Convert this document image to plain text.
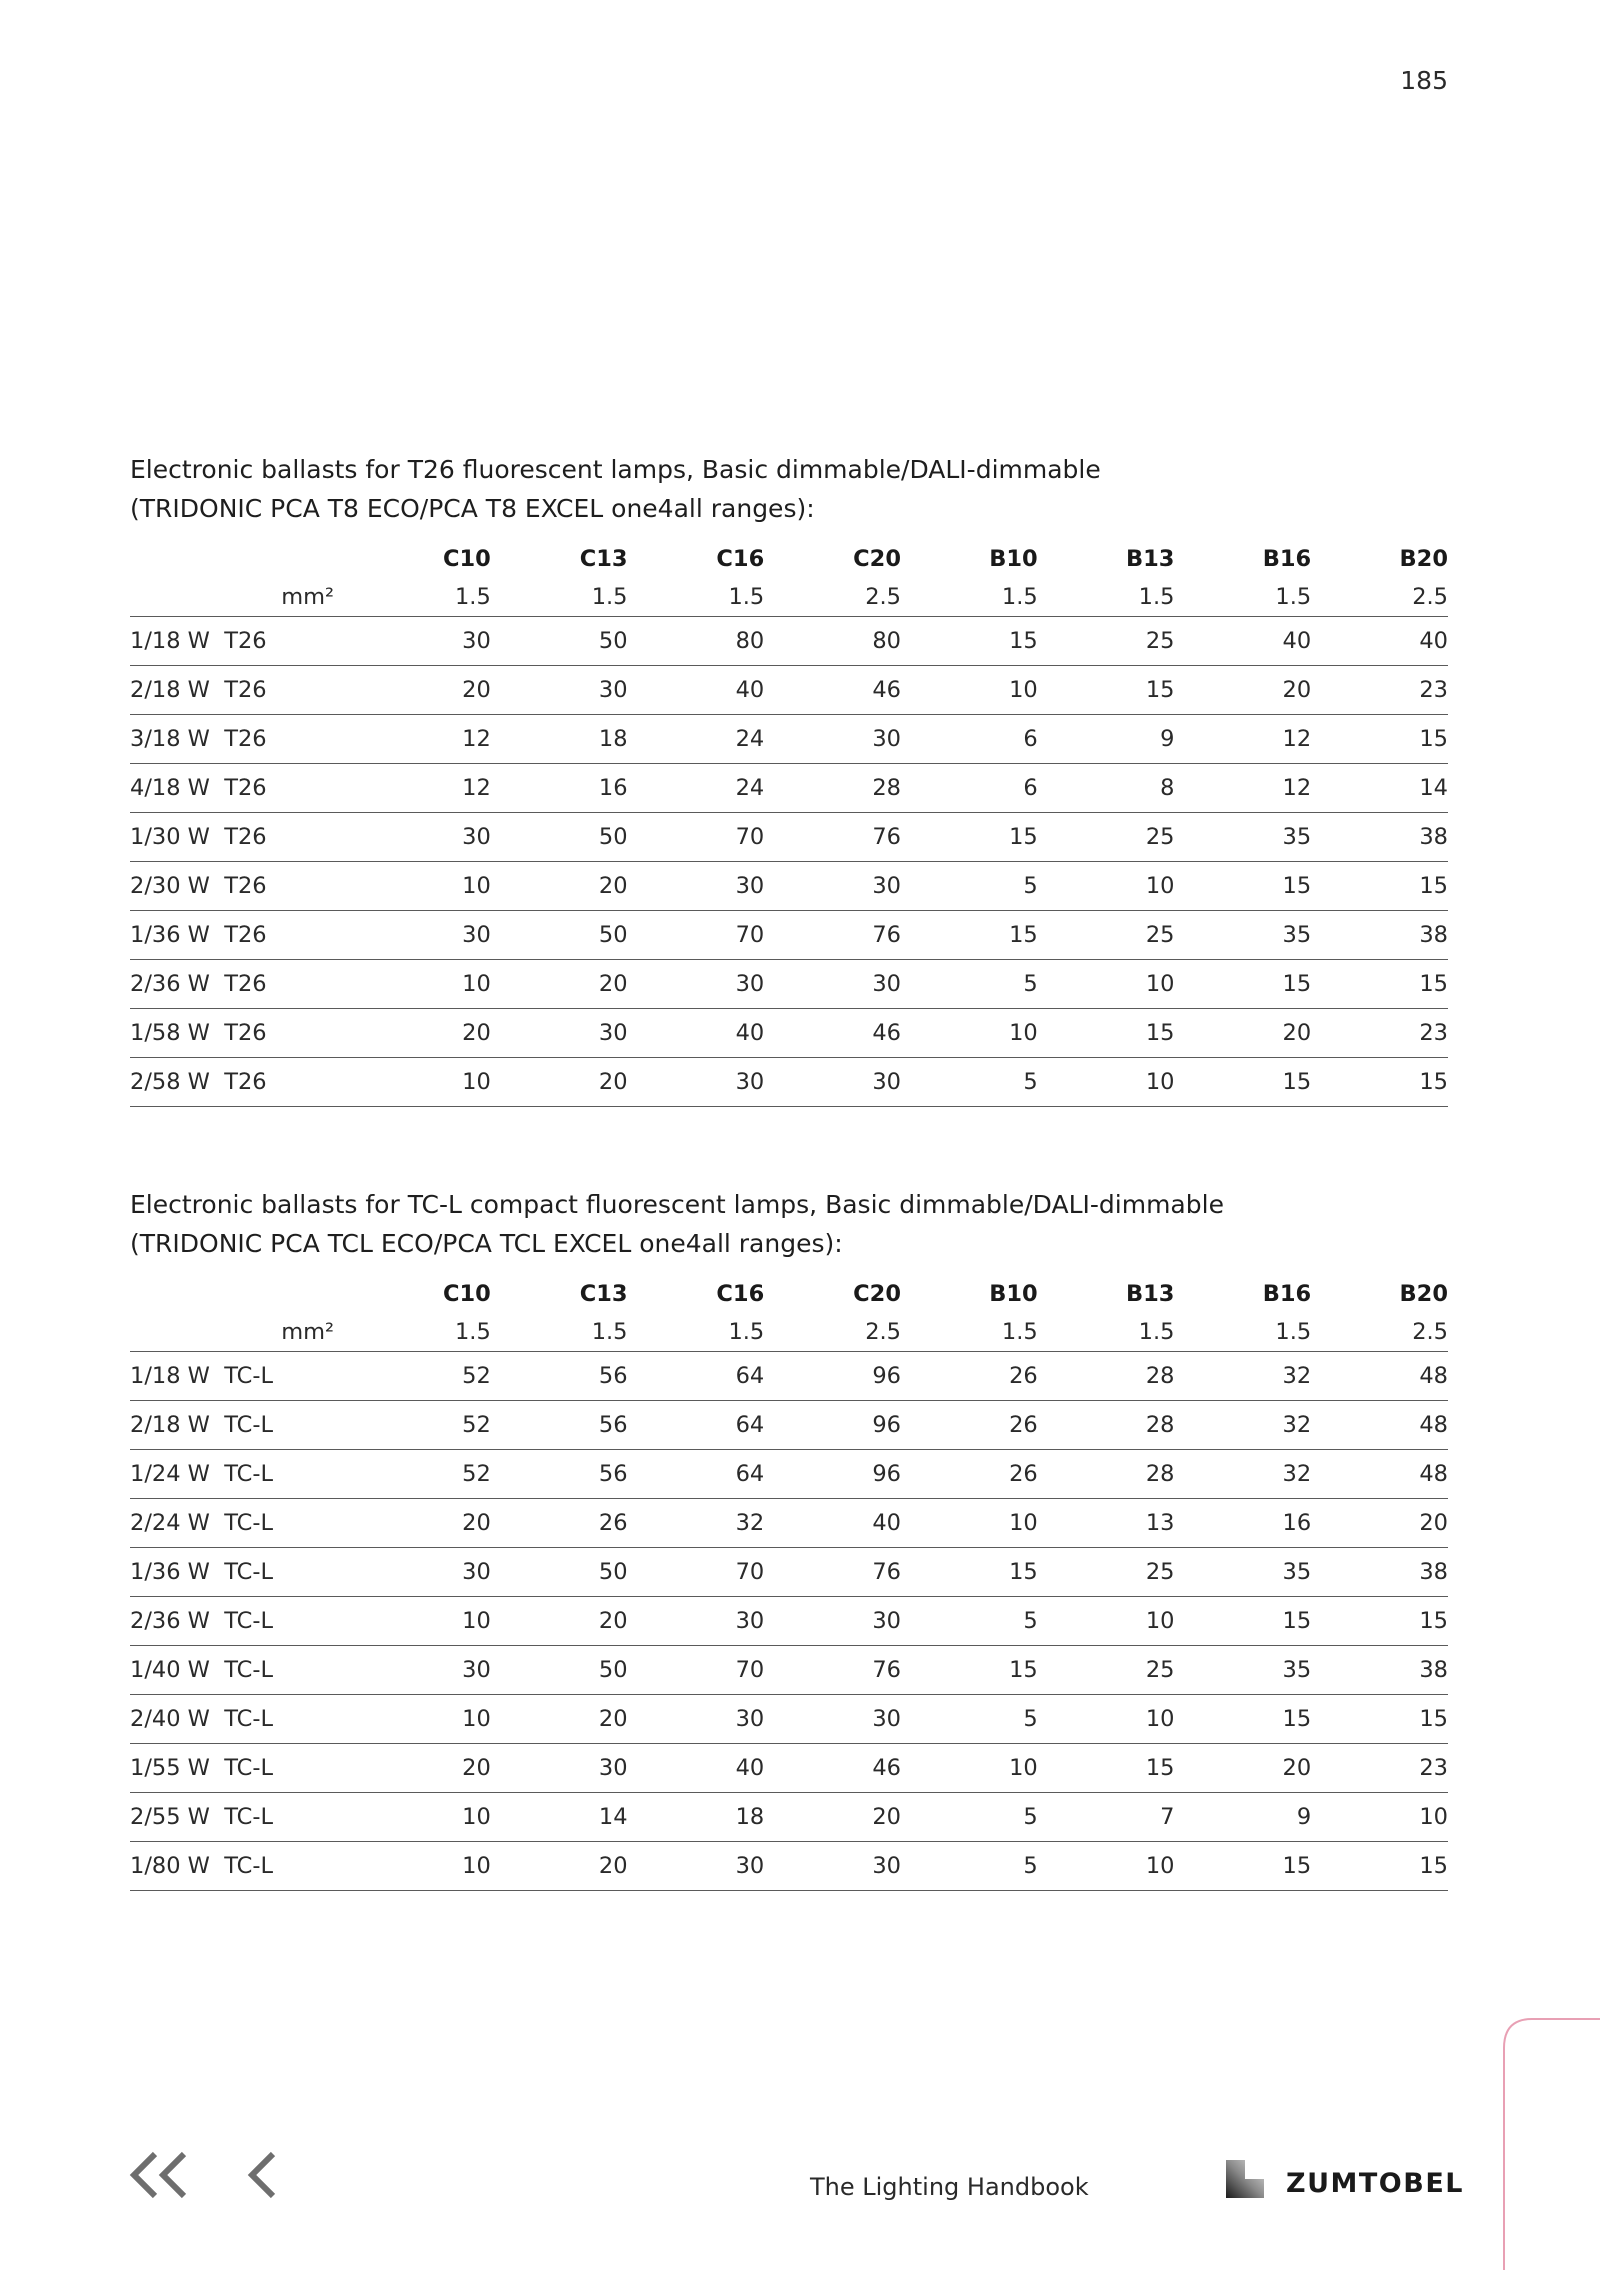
185

Electronic ballasts for T26 fluorescent lamps, Basic dimmable/DALI-dimmable
(TRIDONIC PCA T8 ECO/PCA T8 EXCEL one4all ranges):

	C10	C13	C16	C20	B10	B13	B16	B20
mm²	1.5	1.5	1.5	2.5	1.5	1.5	1.5	2.5
1/18 W  T26	30	50	80	80	15	25	40	40
2/18 W  T26	20	30	40	46	10	15	20	23
3/18 W  T26	12	18	24	30	6	9	12	15
4/18 W  T26	12	16	24	28	6	8	12	14
1/30 W  T26	30	50	70	76	15	25	35	38
2/30 W  T26	10	20	30	30	5	10	15	15
1/36 W  T26	30	50	70	76	15	25	35	38
2/36 W  T26	10	20	30	30	5	10	15	15
1/58 W  T26	20	30	40	46	10	15	20	23
2/58 W  T26	10	20	30	30	5	10	15	15

Electronic ballasts for TC-L compact fluorescent lamps, Basic dimmable/DALI-dimmable
(TRIDONIC PCA TCL ECO/PCA TCL EXCEL one4all ranges):

	C10	C13	C16	C20	B10	B13	B16	B20
mm²	1.5	1.5	1.5	2.5	1.5	1.5	1.5	2.5
1/18 W  TC-L	52	56	64	96	26	28	32	48
2/18 W  TC-L	52	56	64	96	26	28	32	48
1/24 W  TC-L	52	56	64	96	26	28	32	48
2/24 W  TC-L	20	26	32	40	10	13	16	20
1/36 W  TC-L	30	50	70	76	15	25	35	38
2/36 W  TC-L	10	20	30	30	5	10	15	15
1/40 W  TC-L	30	50	70	76	15	25	35	38
2/40 W  TC-L	10	20	30	30	5	10	15	15
1/55 W  TC-L	20	30	40	46	10	15	20	23
2/55 W  TC-L	10	14	18	20	5	7	9	10
1/80 W  TC-L	10	20	30	30	5	10	15	15
The Lighting Handbook	ZUMTOBEL
